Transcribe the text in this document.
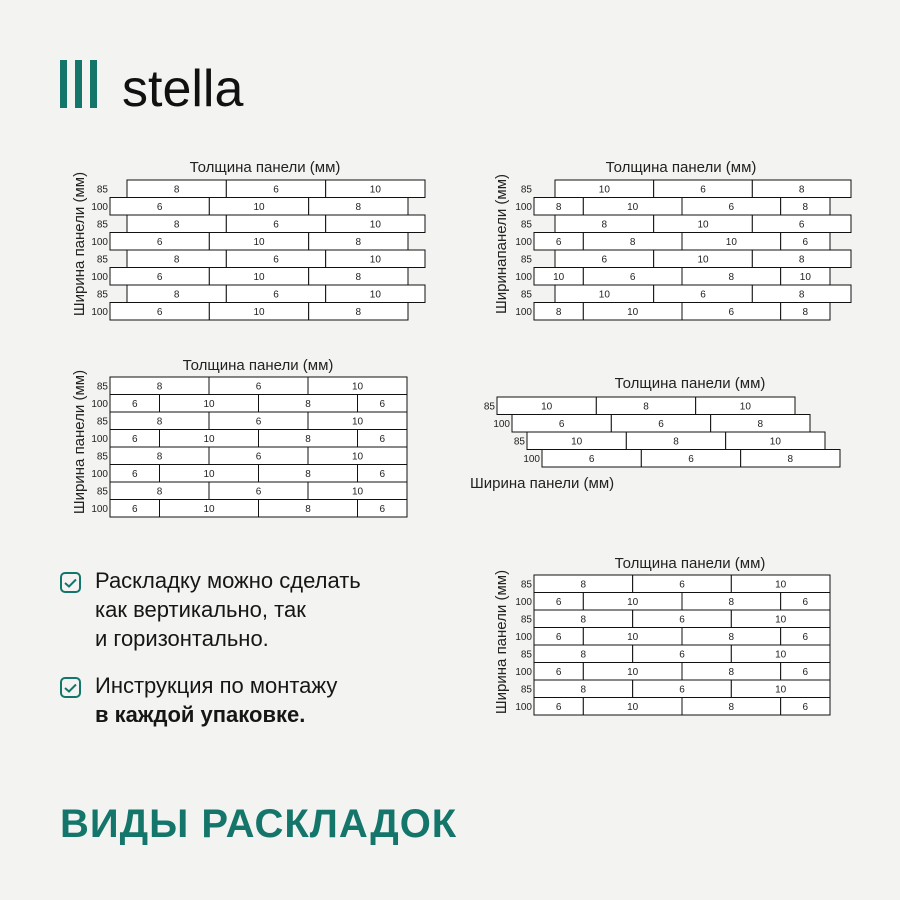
stella
Толщина панели (мм)
Ширина панели (мм) 85	8	6	10
100	6	10	8
85	8	6	10
100	6	10	8
85	8	6	10
100	6	10	8
85	8	6	10
100	6	10	8
Толщина панели (мм)
Ширинапанели (мм) 85	10	6	8
100 8	10	6	8
85	8	10	6
100 6	8	10	6
85	6	10	8
100 10	6	8	10
85	10	6	8
100 8	10	6	8
Толщина панели (мм)
Ширина панели (мм) 85	8	6	10
100 6	10	8	6
85	8	6	10
100 6	10	8	6
85	8	6	10
100 6	10	8	6
85	8	6	10
100 6	10	8	6
Толщина панели (мм)
Ширина панели (мм)
85	10	8	10
100	6	6	8
85	10	8	10
100	6	6	8
Толщина панели (мм)
Ширина панели (мм) 85	8	6	10
100 6	10	8	6
85	8	6	10
100 6	10	8	6
85	8	6	10
100 6	10	8	6
85	8	6	10
100 6	10	8	6
Раскладку можно сделать
как вертикально, так
и горизонтально.
Инструкция по монтажу
в каждой упаковке.
ВИДЫ РАСКЛАДОК
